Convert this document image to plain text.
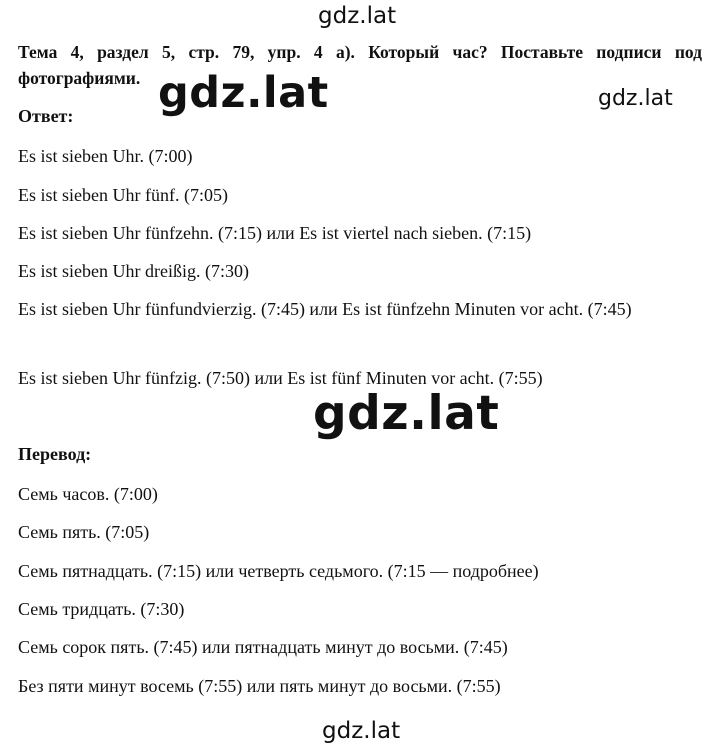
gdz.lat
Тема 4, раздел 5, стр. 79, упр. 4 а). Который час? Поставьте подписи под фотографиями. gdz.lat	gdz.lat
Ответ:
Es ist sieben Uhr. (7:00)
Es ist sieben Uhr fünf. (7:05)
Es ist sieben Uhr fünfzehn. (7:15) или Es ist viertel nach sieben. (7:15)
Es ist sieben Uhr dreißig. (7:30)
Es ist sieben Uhr fünfundvierzig. (7:45) или Es ist fünfzehn Minuten vor acht. (7:45)
Es ist sieben Uhr fünfzig. (7:50) или Es ist fünf Minuten vor acht. (7:55)
gdz.lat
Перевод:
Семь часов. (7:00)
Семь пять. (7:05)
Семь пятнадцать. (7:15) или четверть седьмого. (7:15 — подробнее)
Семь тридцать. (7:30)
Семь сорок пять. (7:45) или пятнадцать минут до восьми. (7:45)
Без пяти минут восемь (7:55) или пять минут до восьми. (7:55)
gdz.lat
